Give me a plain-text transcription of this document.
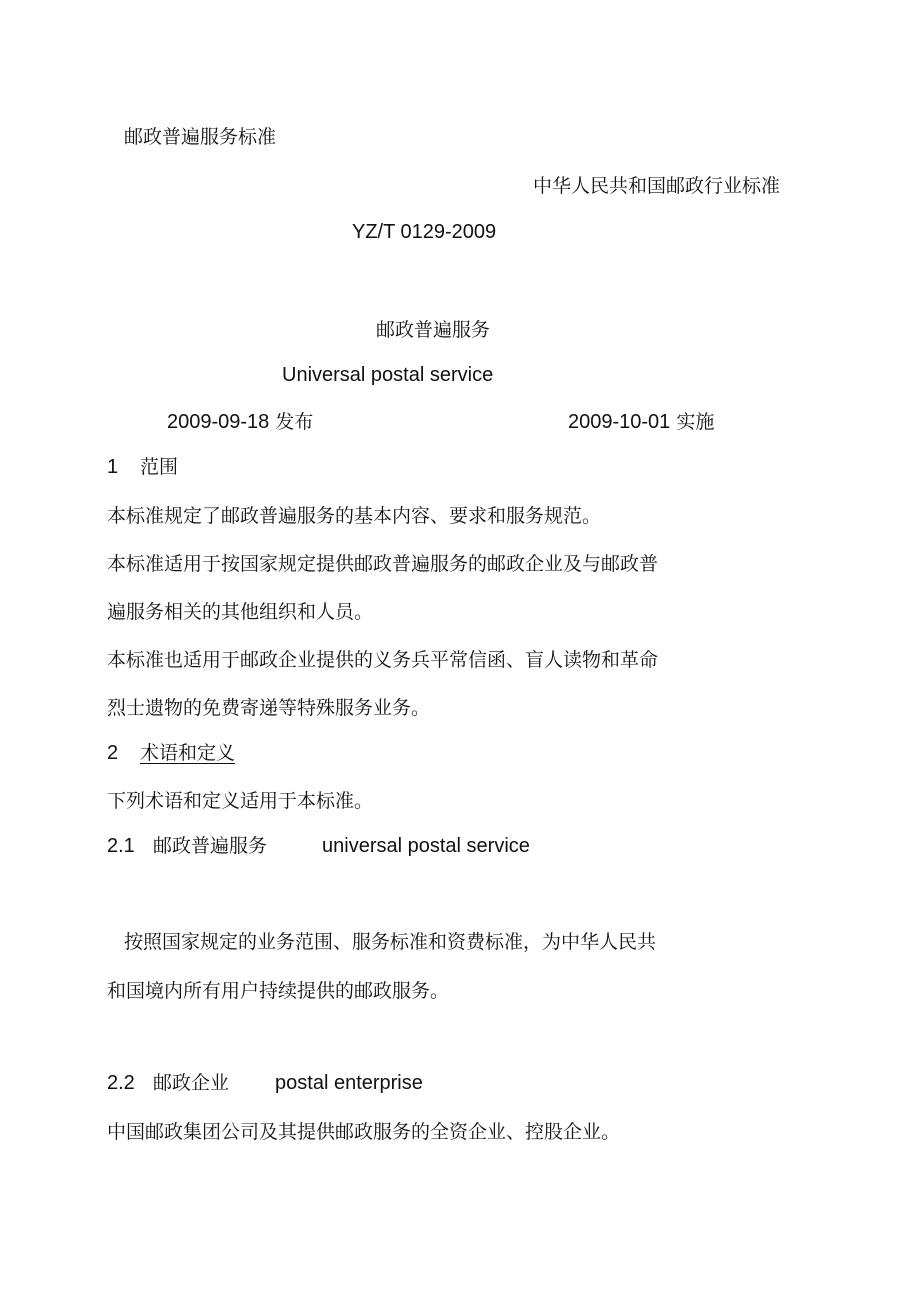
邮政普遍服务标准
中华人民共和国邮政行业标准
YZ/T 0129-2009
邮政普遍服务
Universal postal service
2009-09-18 发布	2009-10-01 实施
1 范围
本标准规定了邮政普遍服务的基本内容、要求和服务规范。
本标准适用于按国家规定提供邮政普遍服务的邮政企业及与邮政普
遍服务相关的其他组织和人员。
本标准也适用于邮政企业提供的义务兵平常信函、盲人读物和革命
烈士遗物的免费寄递等特殊服务业务。
2 术语和定义
下列术语和定义适用于本标准。
2.1 邮政普遍服务	universal postal service
按照国家规定的业务范围、服务标准和资费标准，为中华人民共
和国境内所有用户持续提供的邮政服务。
2.2 邮政企业 postal enterprise
中国邮政集团公司及其提供邮政服务的全资企业、控股企业。
